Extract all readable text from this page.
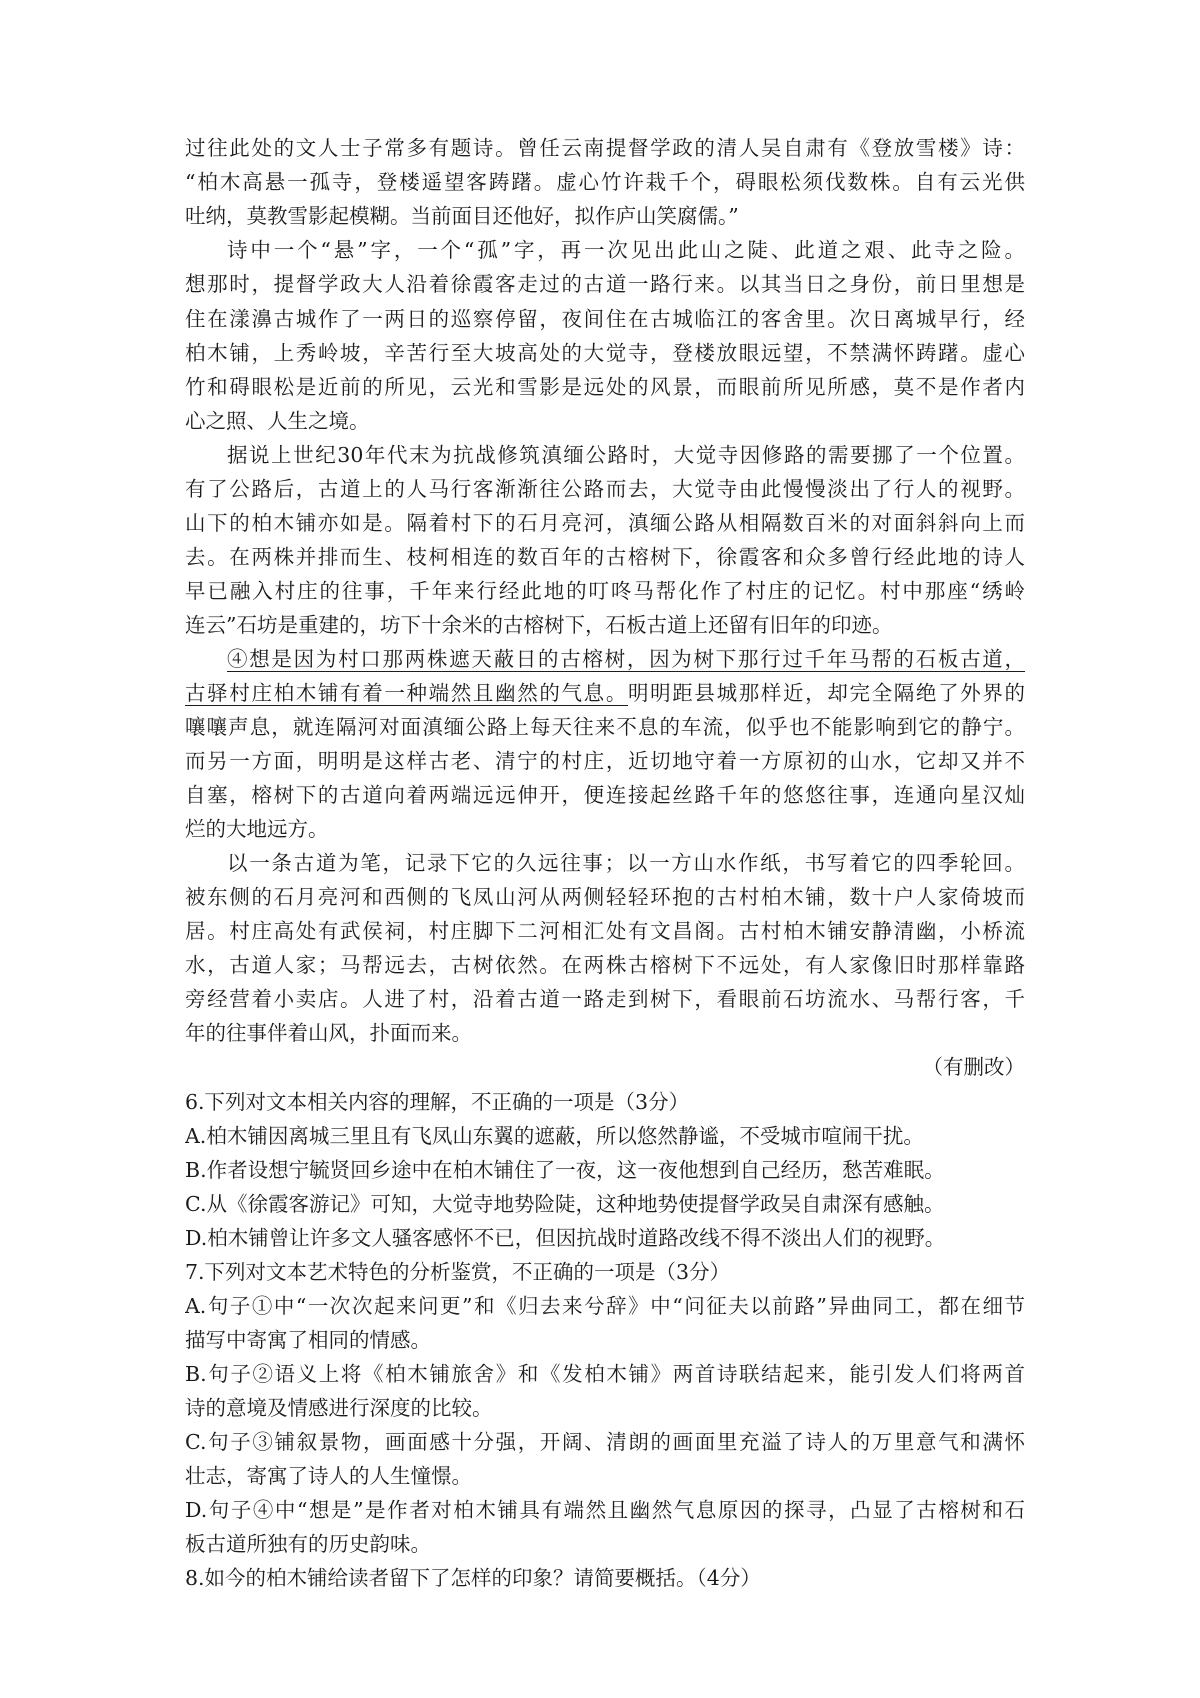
过往此处的文人士子常多有题诗。曾任云南提督学政的清人吴自肃有《登放雪楼》诗：
“柏木高悬一孤寺，登楼遥望客踌躇。虚心竹许栽千个，碍眼松须伐数株。自有云光供
吐纳，莫教雪影起模糊。当前面目还他好，拟作庐山笑腐儒。”
诗中一个“悬”字，一个“孤”字，再一次见出此山之陡、此道之艰、此寺之险。
想那时，提督学政大人沿着徐霞客走过的古道一路行来。以其当日之身份，前日里想是
住在漾濞古城作了一两日的巡察停留，夜间住在古城临江的客舍里。次日离城早行，经
柏木铺，上秀岭坡，辛苦行至大坡高处的大觉寺，登楼放眼远望，不禁满怀踌躇。虚心
竹和碍眼松是近前的所见，云光和雪影是远处的风景，而眼前所见所感，莫不是作者内
心之照、人生之境。
据说上世纪30年代末为抗战修筑滇缅公路时，大觉寺因修路的需要挪了一个位置。
有了公路后，古道上的人马行客渐渐往公路而去，大觉寺由此慢慢淡出了行人的视野。
山下的柏木铺亦如是。隔着村下的石月亮河，滇缅公路从相隔数百米的对面斜斜向上而
去。在两株并排而生、枝柯相连的数百年的古榕树下，徐霞客和众多曾行经此地的诗人
早已融入村庄的往事，千年来行经此地的叮咚马帮化作了村庄的记忆。村中那座“绣岭
连云”石坊是重建的，坊下十余米的古榕树下，石板古道上还留有旧年的印迹。
④想是因为村口那两株遮天蔽日的古榕树，因为树下那行过千年马帮的石板古道，
古驿村庄柏木铺有着一种端然且幽然的气息。明明距县城那样近，却完全隔绝了外界的
嚷嚷声息，就连隔河对面滇缅公路上每天往来不息的车流，似乎也不能影响到它的静宁。
而另一方面，明明是这样古老、清宁的村庄，近切地守着一方原初的山水，它却又并不
自塞，榕树下的古道向着两端远远伸开，便连接起丝路千年的悠悠往事，连通向星汉灿
烂的大地远方。
以一条古道为笔，记录下它的久远往事；以一方山水作纸，书写着它的四季轮回。
被东侧的石月亮河和西侧的飞凤山河从两侧轻轻环抱的古村柏木铺，数十户人家倚坡而
居。村庄高处有武侯祠，村庄脚下二河相汇处有文昌阁。古村柏木铺安静清幽，小桥流
水，古道人家；马帮远去，古树依然。在两株古榕树下不远处，有人家像旧时那样靠路
旁经营着小卖店。人进了村，沿着古道一路走到树下，看眼前石坊流水、马帮行客，千
年的往事伴着山风，扑面而来。
（有删改）
6.下列对文本相关内容的理解，不正确的一项是（3分）
A.柏木铺因离城三里且有飞凤山东翼的遮蔽，所以悠然静谧，不受城市喧闹干扰。
B.作者设想宁毓贤回乡途中在柏木铺住了一夜，这一夜他想到自己经历，愁苦难眠。
C.从《徐霞客游记》可知，大觉寺地势险陡，这种地势使提督学政吴自肃深有感触。
D.柏木铺曾让许多文人骚客感怀不已，但因抗战时道路改线不得不淡出人们的视野。
7.下列对文本艺术特色的分析鉴赏，不正确的一项是（3分）
A.句子①中“一次次起来问更”和《归去来兮辞》中“问征夫以前路”异曲同工，都在细节
描写中寄寓了相同的情感。
B.句子②语义上将《柏木铺旅舍》和《发柏木铺》两首诗联结起来，能引发人们将两首
诗的意境及情感进行深度的比较。
C.句子③铺叙景物，画面感十分强，开阔、清朗的画面里充溢了诗人的万里意气和满怀
壮志，寄寓了诗人的人生憧憬。
D.句子④中“想是”是作者对柏木铺具有端然且幽然气息原因的探寻，凸显了古榕树和石
板古道所独有的历史韵味。
8.如今的柏木铺给读者留下了怎样的印象？请简要概括。（4分）
